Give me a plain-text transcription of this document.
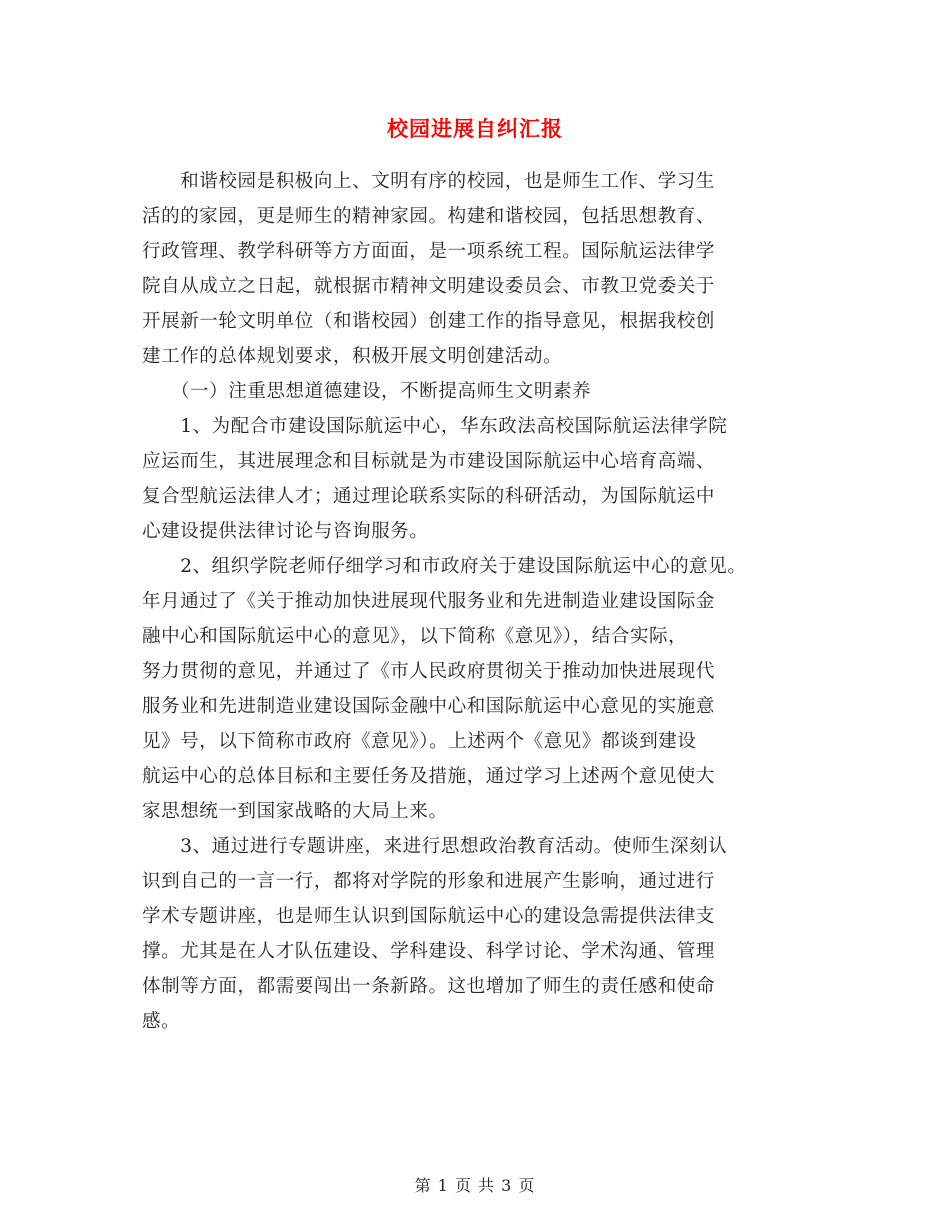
校园进展自纠汇报
　　和谐校园是积极向上、文明有序的校园，也是师生工作、学习生
活的的家园，更是师生的精神家园。构建和谐校园，包括思想教育、
行政管理、教学科研等方方面面，是一项系统工程。国际航运法律学
院自从成立之日起，就根据市精神文明建设委员会、市教卫党委关于
开展新一轮文明单位（和谐校园）创建工作的指导意见，根据我校创
建工作的总体规划要求，积极开展文明创建活动。
　　（一）注重思想道德建设，不断提高师生文明素养
　　1、为配合市建设国际航运中心，华东政法高校国际航运法律学院
应运而生，其进展理念和目标就是为市建设国际航运中心培育高端、
复合型航运法律人才；通过理论联系实际的科研活动，为国际航运中
心建设提供法律讨论与咨询服务。
　　2、组织学院老师仔细学习和市政府关于建设国际航运中心的意见。
年月通过了《关于推动加快进展现代服务业和先进制造业建设国际金
融中心和国际航运中心的意见》，以下简称《意见》），结合实际，
努力贯彻的意见，并通过了《市人民政府贯彻关于推动加快进展现代
服务业和先进制造业建设国际金融中心和国际航运中心意见的实施意
见》号，以下简称市政府《意见》）。上述两个《意见》都谈到建设
航运中心的总体目标和主要任务及措施，通过学习上述两个意见使大
家思想统一到国家战略的大局上来。
　　3、通过进行专题讲座，来进行思想政治教育活动。使师生深刻认
识到自己的一言一行，都将对学院的形象和进展产生影响，通过进行
学术专题讲座，也是师生认识到国际航运中心的建设急需提供法律支
撑。尤其是在人才队伍建设、学科建设、科学讨论、学术沟通、管理
体制等方面，都需要闯出一条新路。这也增加了师生的责任感和使命
感。
第 1 页 共 3 页
